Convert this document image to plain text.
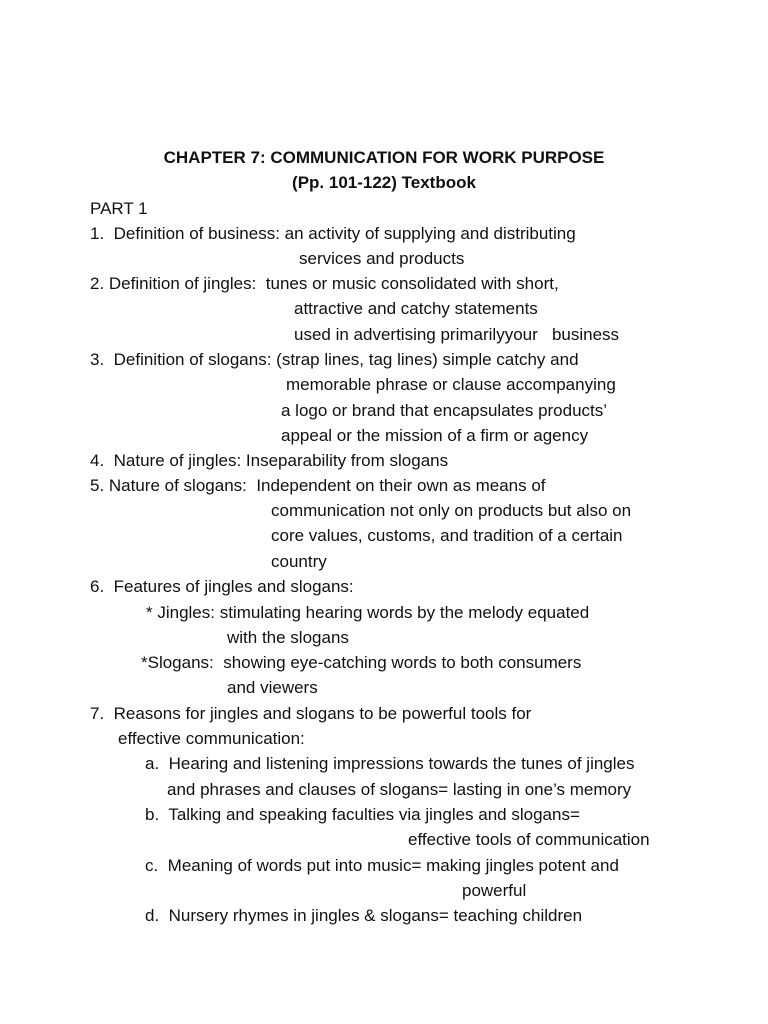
CHAPTER 7: COMMUNICATION FOR WORK PURPOSE
(Pp. 101-122) Textbook
PART 1
1.  Definition of business: an activity of supplying and distributing
services and products
2. Definition of jingles:  tunes or music consolidated with short,
attractive and catchy statements
used in advertising primarilyyour   business
3.  Definition of slogans: (strap lines, tag lines) simple catchy and
memorable phrase or clause accompanying
a logo or brand that encapsulates products’
appeal or the mission of a firm or agency
4.  Nature of jingles: Inseparability from slogans
5. Nature of slogans:  Independent on their own as means of
communication not only on products but also on
core values, customs, and tradition of a certain
country
6.  Features of jingles and slogans:
* Jingles: stimulating hearing words by the melody equated
with the slogans
*Slogans:  showing eye-catching words to both consumers
and viewers
7.  Reasons for jingles and slogans to be powerful tools for
effective communication:
a.  Hearing and listening impressions towards the tunes of jingles
and phrases and clauses of slogans= lasting in one’s memory
b.  Talking and speaking faculties via jingles and slogans=
effective tools of communication
c.  Meaning of words put into music= making jingles potent and
powerful
d.  Nursery rhymes in jingles & slogans= teaching children
